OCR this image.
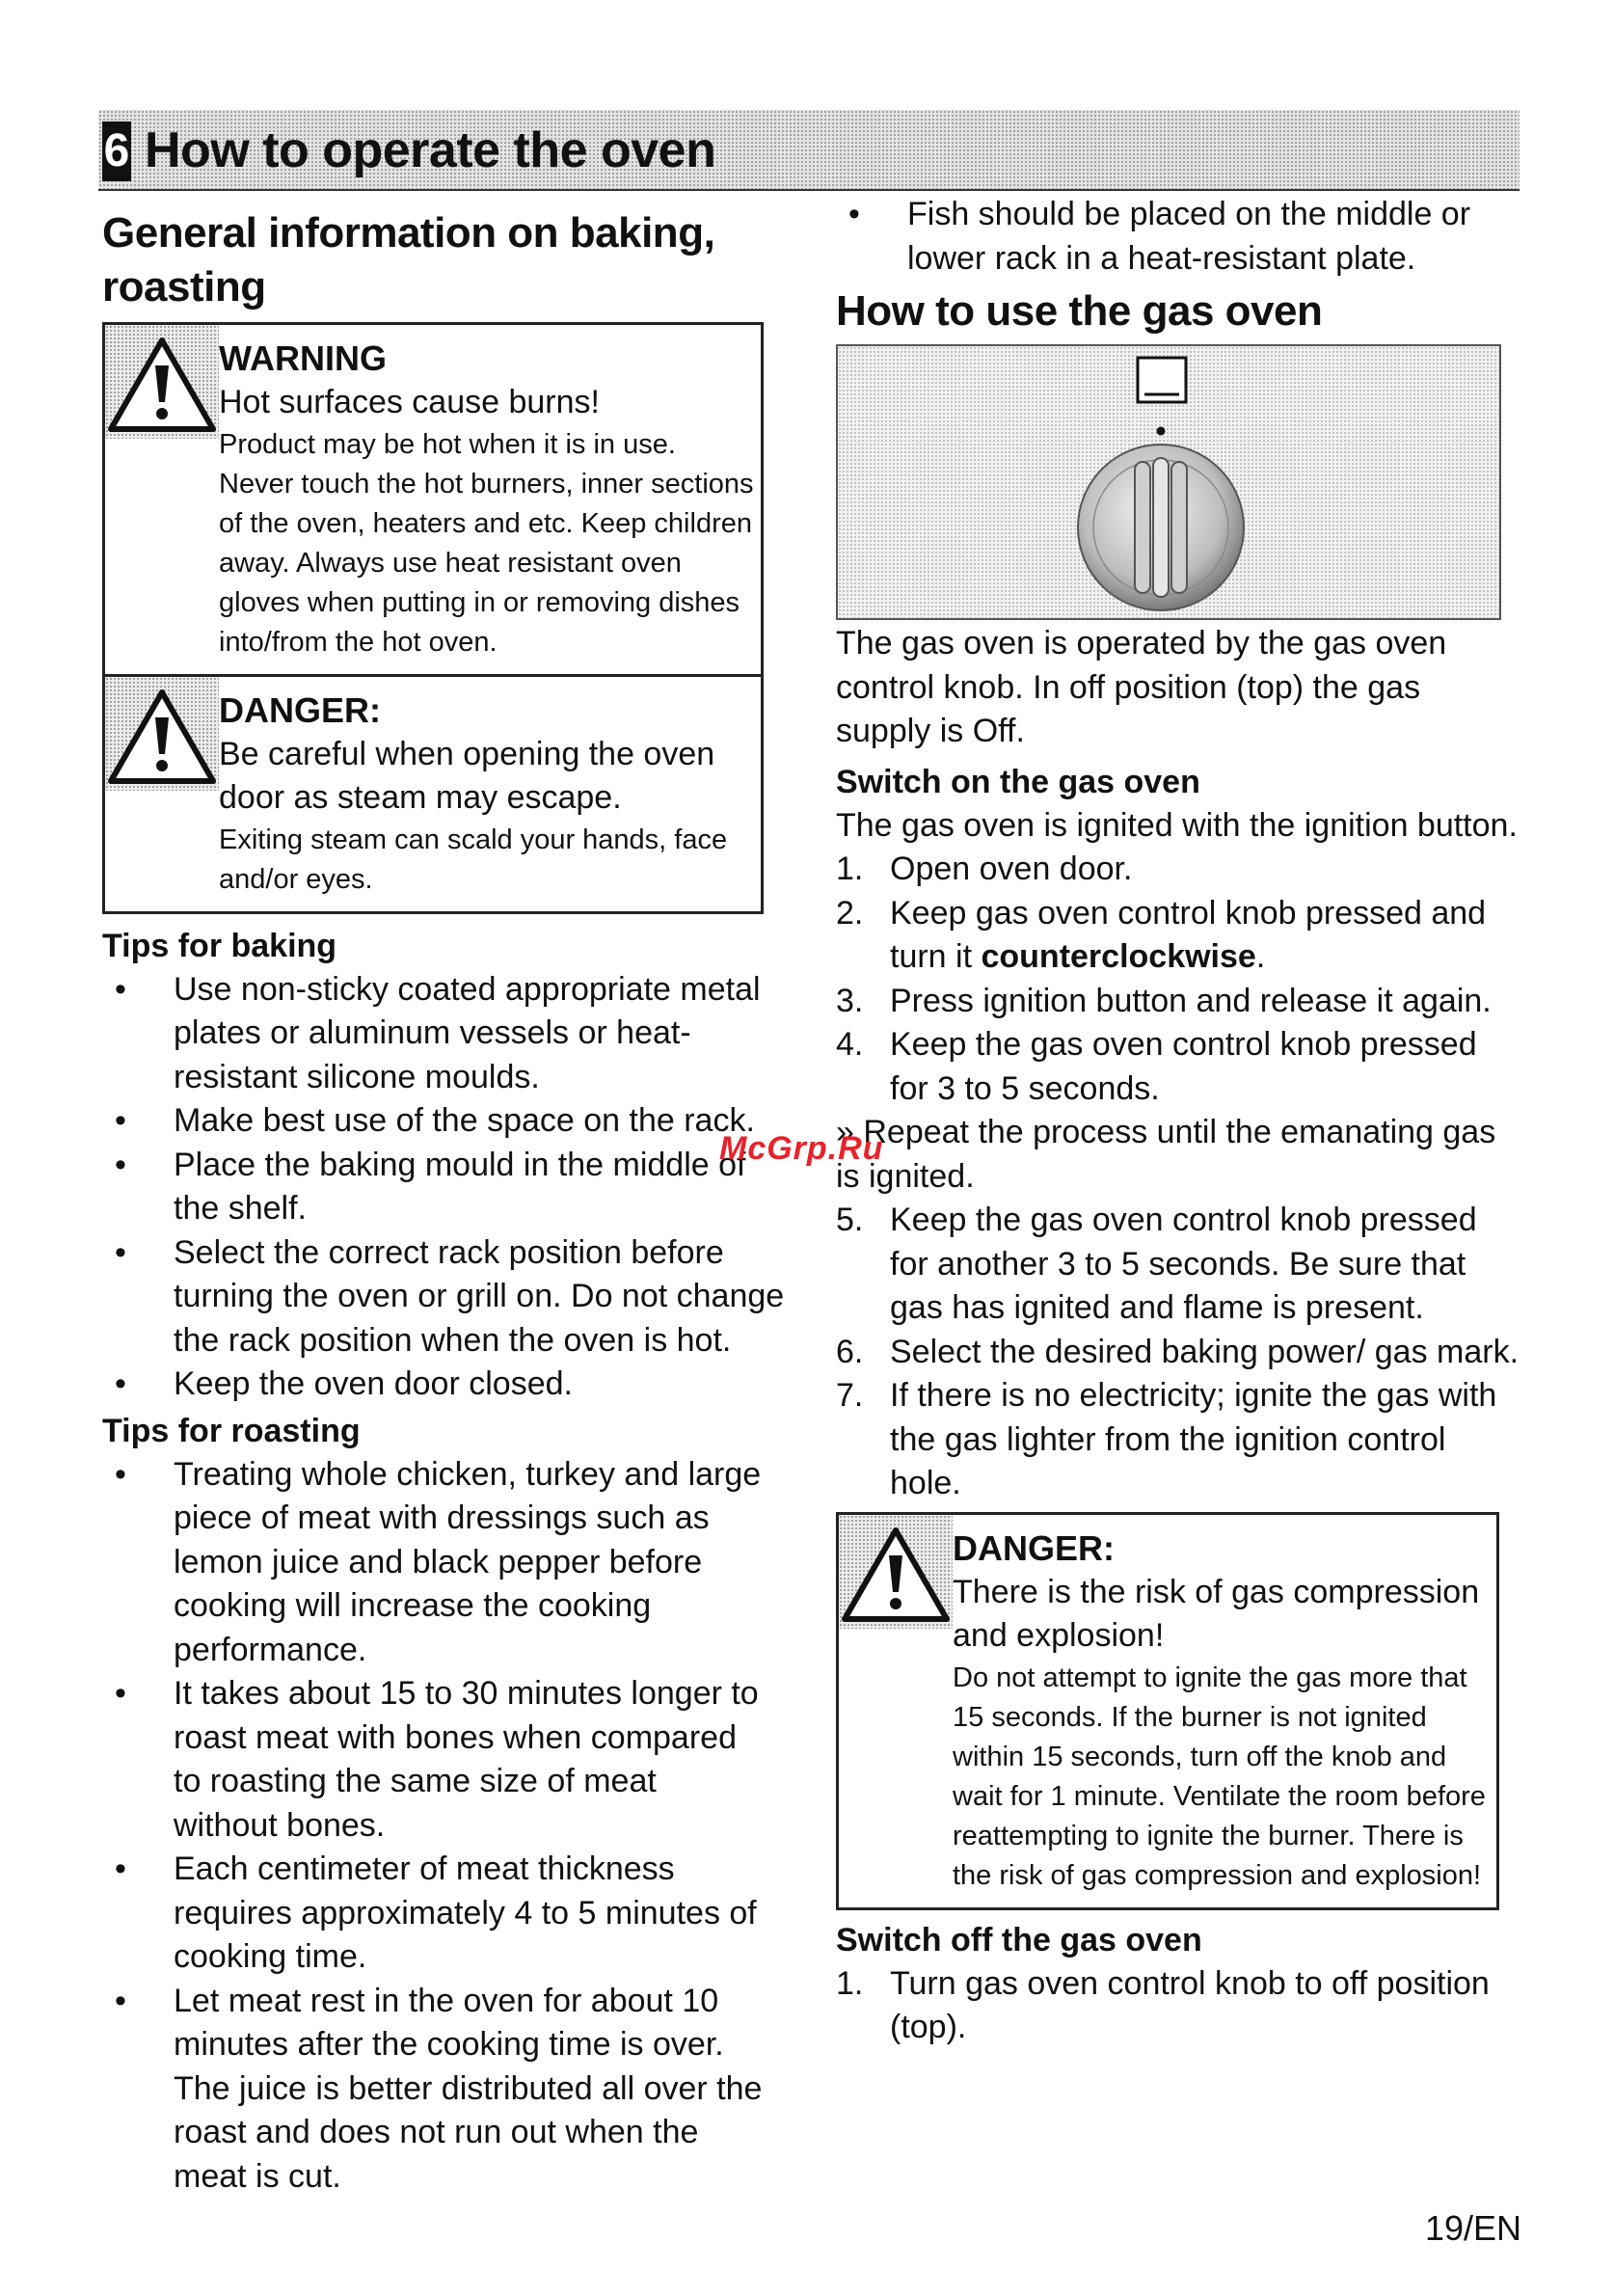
6 How to operate the oven
General information on baking, roasting
WARNING

Hot surfaces cause burns!

Product may be hot when it is in use. Never touch the hot burners, inner sections of the oven, heaters and etc. Keep children away. Always use heat resistant oven gloves when putting in or removing dishes into/from the hot oven.

DANGER:

Be careful when opening the oven door as steam may escape.

Exiting steam can scald your hands, face and/or eyes.

Tips for baking
• Use non-sticky coated appropriate metal plates or aluminum vessels or heat-resistant silicone moulds.
• Make best use of the space on the rack.
• Place the baking mould in the middle of the shelf.
• Select the correct rack position before turning the oven or grill on. Do not change the rack position when the oven is hot.
• Keep the oven door closed.
Tips for roasting
• Treating whole chicken, turkey and large piece of meat with dressings such as lemon juice and black pepper before cooking will increase the cooking performance.
• It takes about 15 to 30 minutes longer to roast meat with bones when compared to roasting the same size of meat without bones.
• Each centimeter of meat thickness requires approximately 4 to 5 minutes of cooking time.
• Let meat rest in the oven for about 10 minutes after the cooking time is over. The juice is better distributed all over the roast and does not run out when the meat is cut.
• Fish should be placed on the middle or lower rack in a heat-resistant plate.
How to use the gas oven

The gas oven is operated by the gas oven control knob. In off position (top) the gas supply is Off.

Switch on the gas oven

The gas oven is ignited with the ignition button.

1. Open oven door.
2. Keep gas oven control knob pressed and turn it counterclockwise.
3. Press ignition button and release it again.
4. Keep the gas oven control knob pressed for 3 to 5 seconds.

» Repeat the process until the emanating gas is ignited.

5. Keep the gas oven control knob pressed for another 3 to 5 seconds. Be sure that gas has ignited and flame is present.
6. Select the desired baking power/ gas mark.
7. If there is no electricity; ignite the gas with the gas lighter from the ignition control hole.
DANGER:

There is the risk of gas compression and explosion!

Do not attempt to ignite the gas more that 15 seconds. If the burner is not ignited within 15 seconds, turn off the knob and wait for 1 minute. Ventilate the room before reattempting to ignite the burner. There is the risk of gas compression and explosion!

Switch off the gas oven
1. Turn gas oven control knob to off position (top).
McGrp.Ru
19/EN
